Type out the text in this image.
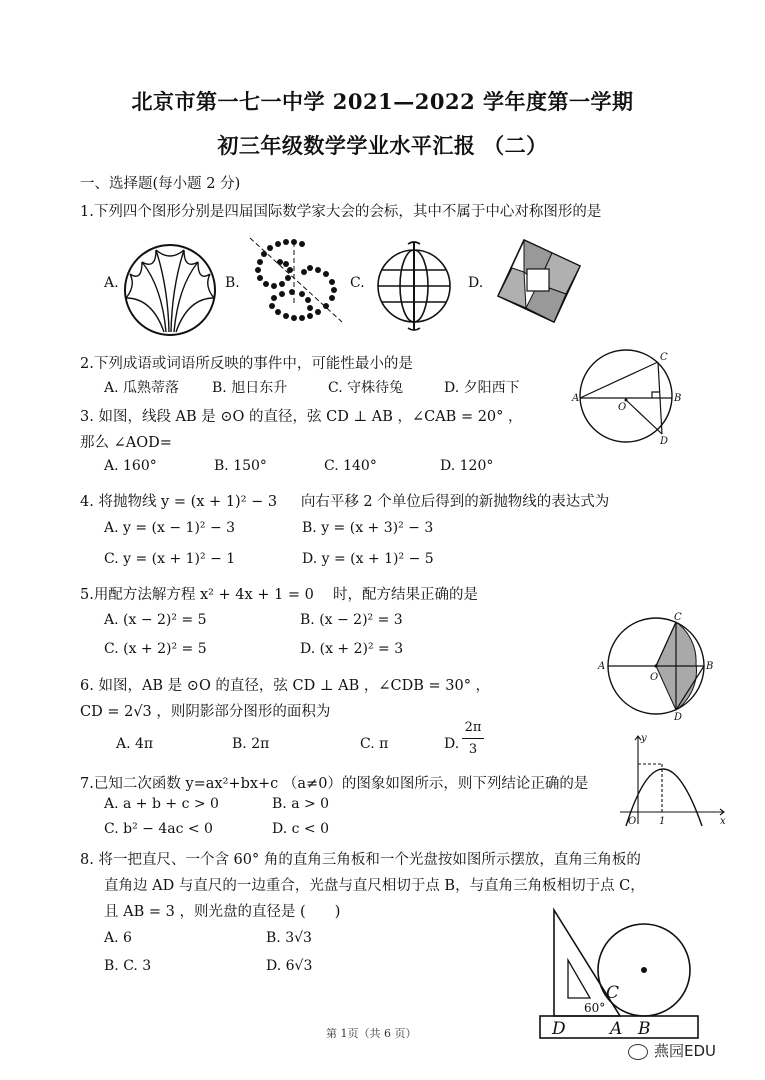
北京市第一七一中学 2021—2022 学年度第一学期
初三年级数学学业水平汇报 （二）
一、选择题(每小题 2 分)
1.下列四个图形分别是四届国际数学家大会的会标，其中不属于中心对称图形的是
A.	B.	C.	D.
2.下列成语或词语所反映的事件中，可能性最小的是
A. 瓜熟蒂落 B. 旭日东升	C. 守株待兔	D. 夕阳西下
A
O
B
C
D
3. 如图，线段 AB 是 ⊙O 的直径，弦 CD ⊥ AB ，∠CAB = 20° ，
那么 ∠AOD=
A. 160°	B. 150°	C. 140°	D. 120°
4. 将抛物线 y = (x + 1)² − 3 　 向右平移 2 个单位后得到的新抛物线的表达式为
A. y = (x − 1)² − 3	B. y = (x + 3)² − 3
C. y = (x + 1)² − 1	D. y = (x + 1)² − 5
5.用配方法解方程 x² + 4x + 1 = 0 　时，配方结果正确的是
A. (x − 2)² = 5	B. (x − 2)² = 3
C. (x + 2)² = 5	D. (x + 2)² = 3
C
A
O
B
D
6. 如图，AB 是 ⊙O 的直径，弦 CD ⊥ AB ，∠CDB = 30° ，
CD = 2√3 ，则阴影部分图形的面积为
A. 4π	B. 2π	C. π	D.
2π
3
y
O 1	x
7.已知二次函数 y=ax²+bx+c （a≠0）的图象如图所示，则下列结论正确的是
A. a + b + c > 0	B. a > 0
C. b² − 4ac < 0	D. c < 0
8. 将一把直尺、一个含 60° 角的直角三角板和一个光盘按如图所示摆放，直角三角板的
直角边 AD 与直尺的一边重合，光盘与直尺相切于点 B，与直角三角板相切于点 C，
且 AB = 3 ，则光盘的直径是 (　　)
A. 6	B. 3√3
B. C. 3	D. 6√3
C
60°
D	A B
第 1页（共 6 页）
燕园EDU
